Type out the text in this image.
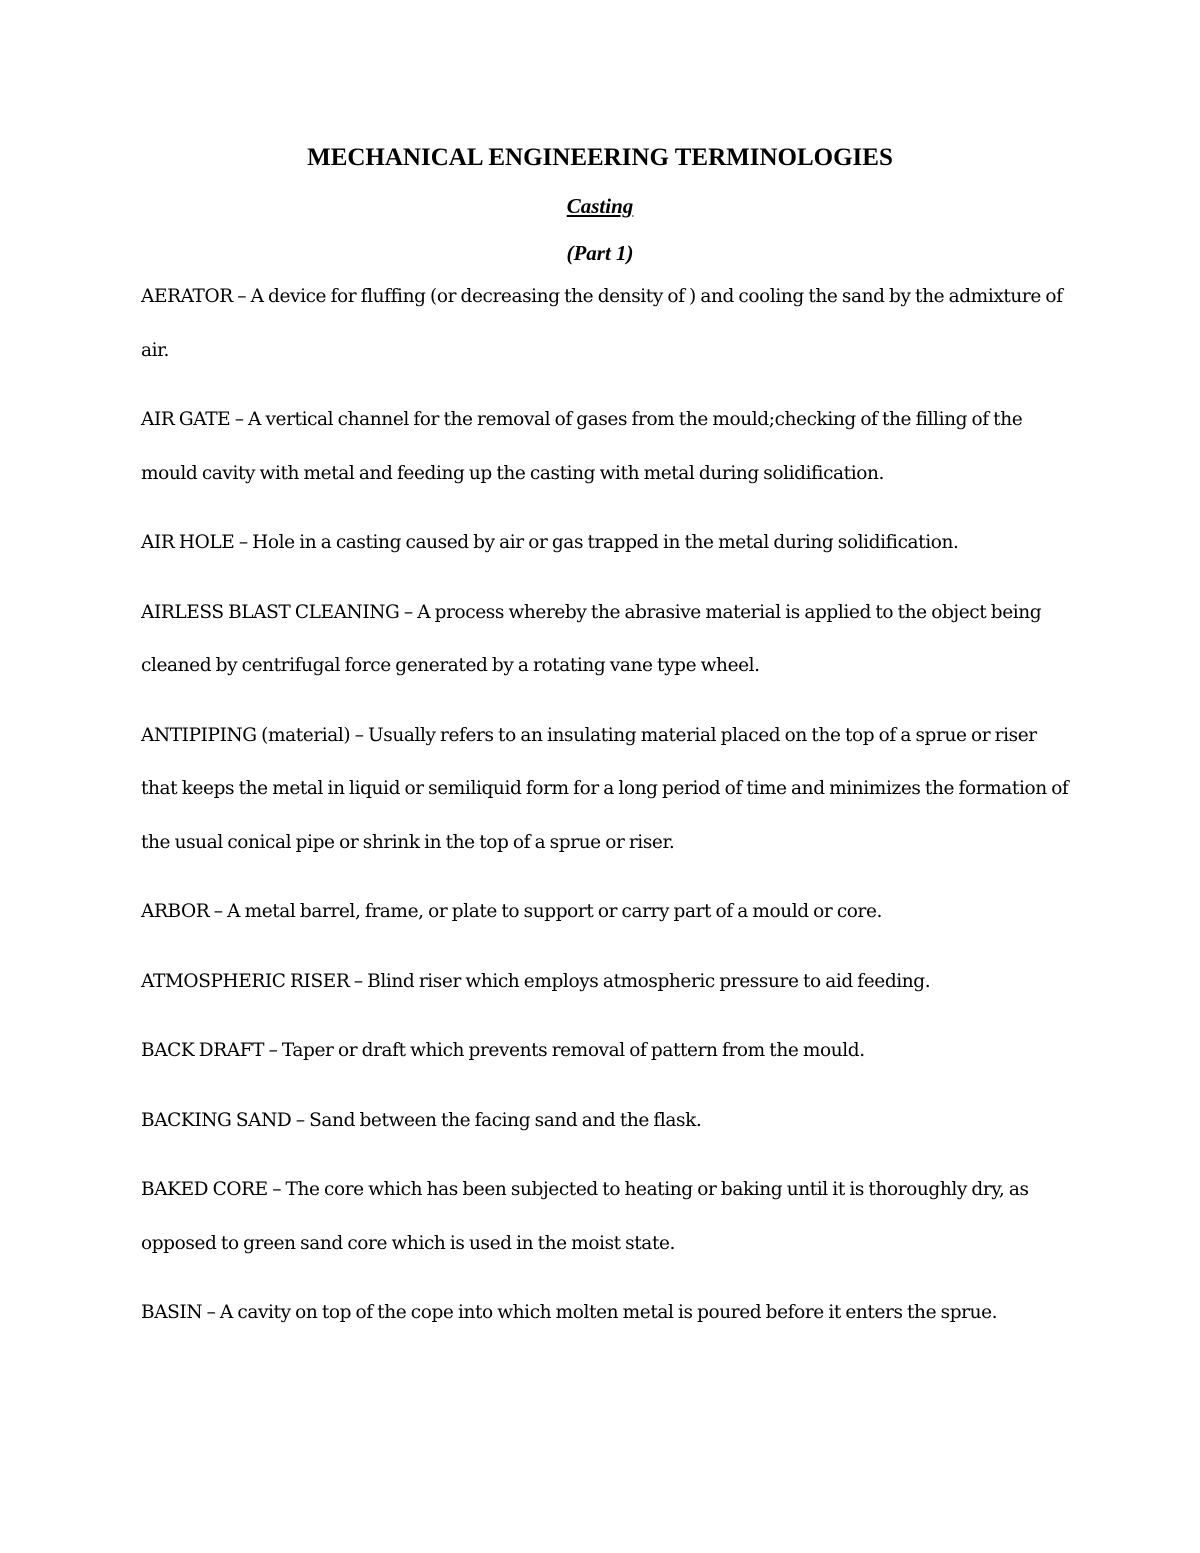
MECHANICAL ENGINEERING TERMINOLOGIES
Casting
(Part 1)
AERATOR – A device for fluffing (or decreasing the density of ) and cooling the sand by the admixture of air.
AIR GATE – A vertical channel for the removal of gases from the mould;checking of the filling of the mould cavity with metal and feeding up the casting with metal during solidification.
AIR HOLE – Hole in a casting caused by air or gas trapped in the metal during solidification.
AIRLESS BLAST CLEANING – A process whereby the abrasive material is applied to the object being cleaned by centrifugal force generated by a rotating vane type wheel.
ANTIPIPING (material) – Usually refers to an insulating material placed on the top of a sprue or riser that keeps the metal in liquid or semiliquid form for a long period of time and minimizes the formation of the usual conical pipe or shrink in the top of a sprue or riser.
ARBOR – A metal barrel, frame, or plate to support or carry part of a mould or core.
ATMOSPHERIC RISER – Blind riser which employs atmospheric pressure to aid feeding.
BACK DRAFT – Taper or draft which prevents removal of pattern from the mould.
BACKING SAND – Sand between the facing sand and the flask.
BAKED CORE – The core which has been subjected to heating or baking until it is thoroughly dry, as opposed to green sand core which is used in the moist state.
BASIN – A cavity on top of the cope into which molten metal is poured before it enters the sprue.
